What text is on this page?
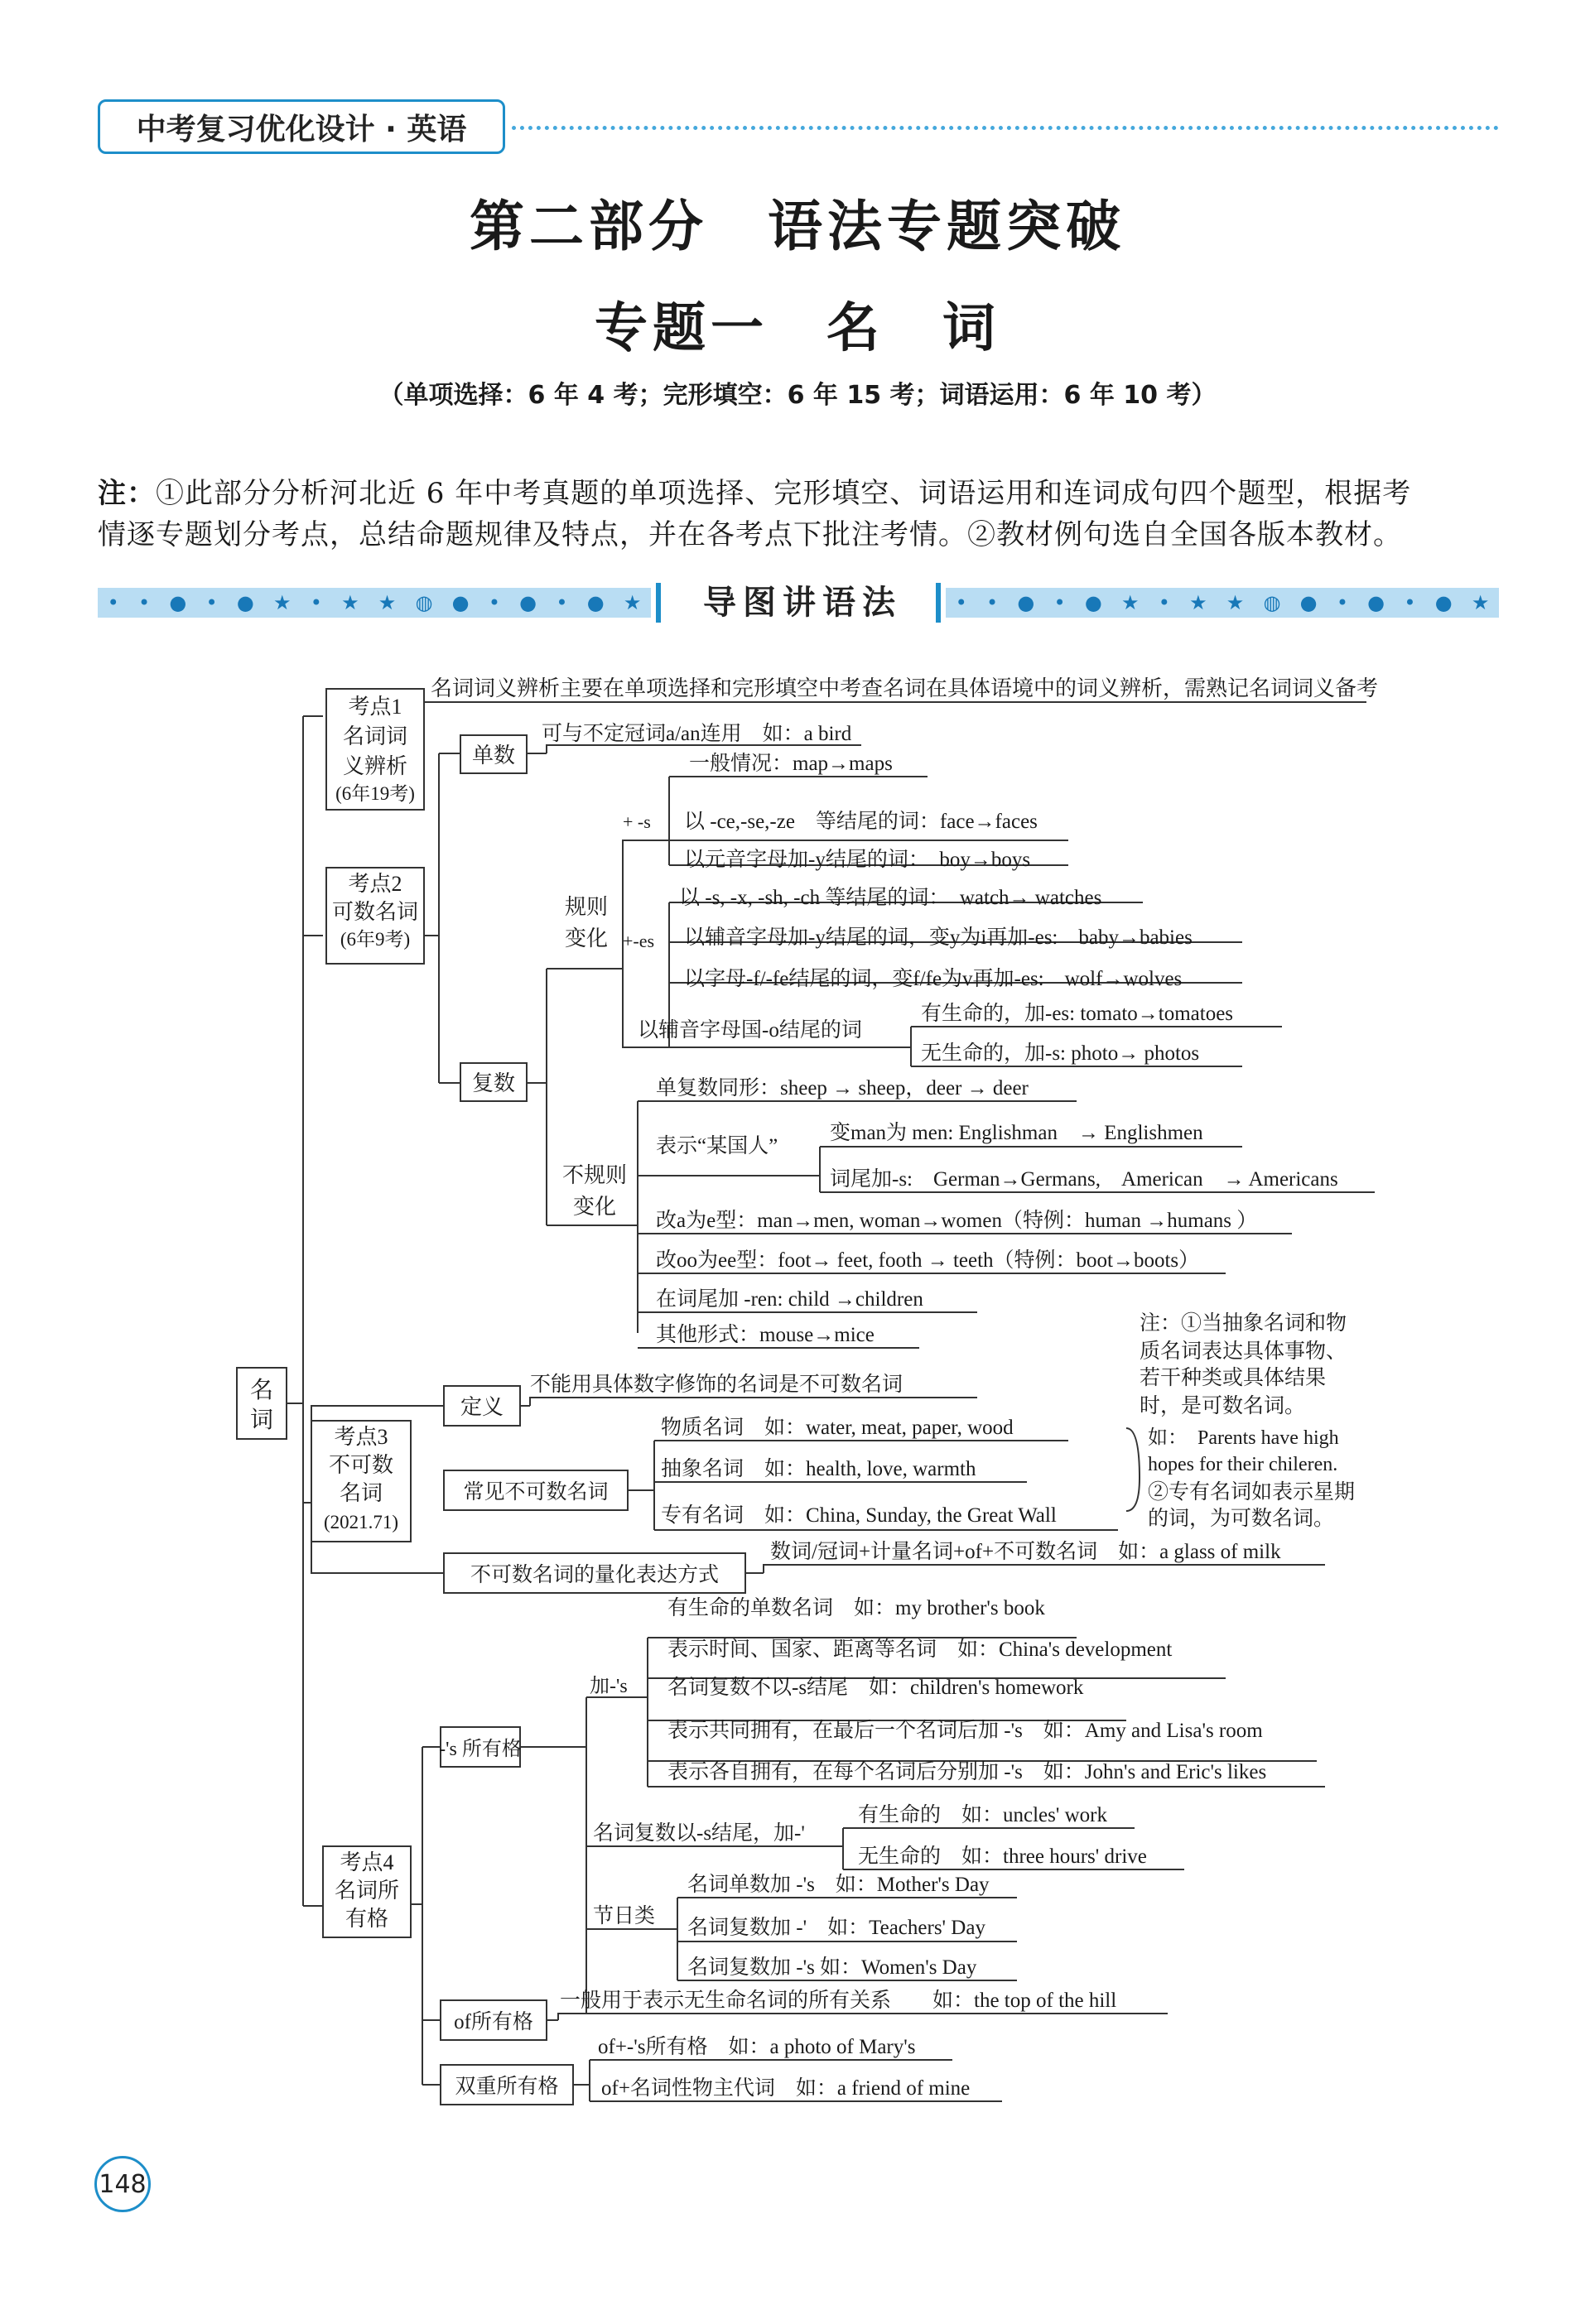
中考复习优化设计 · 英语
第二部分　语法专题突破
专题一　名　词
（单项选择：6 年 4 考；完形填空：6 年 15 考；词语运用：6 年 10 考）
注：①此部分分析河北近 6 年中考真题的单项选择、完形填空、词语运用和连词成句四个题型，根据考
情逐专题划分考点，总结命题规律及特点，并在各考点下批注考情。②教材例句选自全国各版本教材。
• • ● • ● ★ • ★ ★ ◍ ● • ● • ● ★	导图讲语法	• • ● • ● ★ • ★ ★ ◍ ● • ● • ● ★
名
词
考点1
名词词
义辨析
(6年19考)
名词词义辨析主要在单项选择和完形填空中考查名词在具体语境中的词义辨析，需熟记名词词义备考
考点2
可数名词
(6年9考)
单数
可与不定冠词a/an连用　如：a bird
复数
规则
变化
+ -s
+-es
一般情况：map→maps
以 -ce,-se,-ze　等结尾的词：face→faces
以元音字母加-y结尾的词：　boy→boys
以 -s, -x, -sh, -ch 等结尾的词：　watch→ watches
以辅音字母加-y结尾的词，变y为i再加-es:　baby→babies
以字母-f/-fe结尾的词，变f/fe为v再加-es:　wolf→wolves
以辅音字母国-o结尾的词
有生命的，加-es: tomato→tomatoes
无生命的，加-s: photo→ photos
不规则
变化
单复数同形：sheep → sheep，deer → deer
表示“某国人”
变man为 men: Englishman　→ Englishmen
词尾加-s:　German→Germans,　American　→ Americans
改a为e型：man→men, woman→women（特例：human →humans ）
改oo为ee型：foot→ feet, footh → teeth（特例：boot→boots）
在词尾加 -ren: child →children
其他形式：mouse→mice
考点3
不可数
名词
(2021.71)
定义
不能用具体数字修饰的名词是不可数名词
常见不可数名词
物质名词　如：water, meat, paper, wood
抽象名词　如：health, love, warmth
专有名词　如：China, Sunday, the Great Wall
不可数名词的量化表达方式
数词/冠词+计量名词+of+不可数名词　如：a glass of milk
注：①当抽象名词和物
质名词表达具体事物、
若干种类或具体结果
时，是可数名词。
如：　Parents have high
hopes for their chileren.
②专有名词如表示星期
的词，为可数名词。
考点4
名词所
有格
-'s 所有格
加-'s
有生命的单数名词　如：my brother's book
表示时间、国家、距离等名词　如：China's development
名词复数不以-s结尾　如：children's homework
表示共同拥有，在最后一个名词后加 -'s　如：Amy and Lisa's room
表示各自拥有，在每个名词后分别加 -'s　如：John's and Eric's likes
名词复数以-s结尾，加-'
有生命的　如：uncles' work
无生命的　如：three hours' drive
节日类
名词单数加 -'s　如：Mother's Day
名词复数加 -'　如：Teachers' Day
名词复数加 -'s 如：Women's Day
of所有格
一般用于表示无生命名词的所有关系　　如：the top of the hill
双重所有格
of+-'s所有格　如：a photo of Mary's
of+名词性物主代词　如：a friend of mine
148
